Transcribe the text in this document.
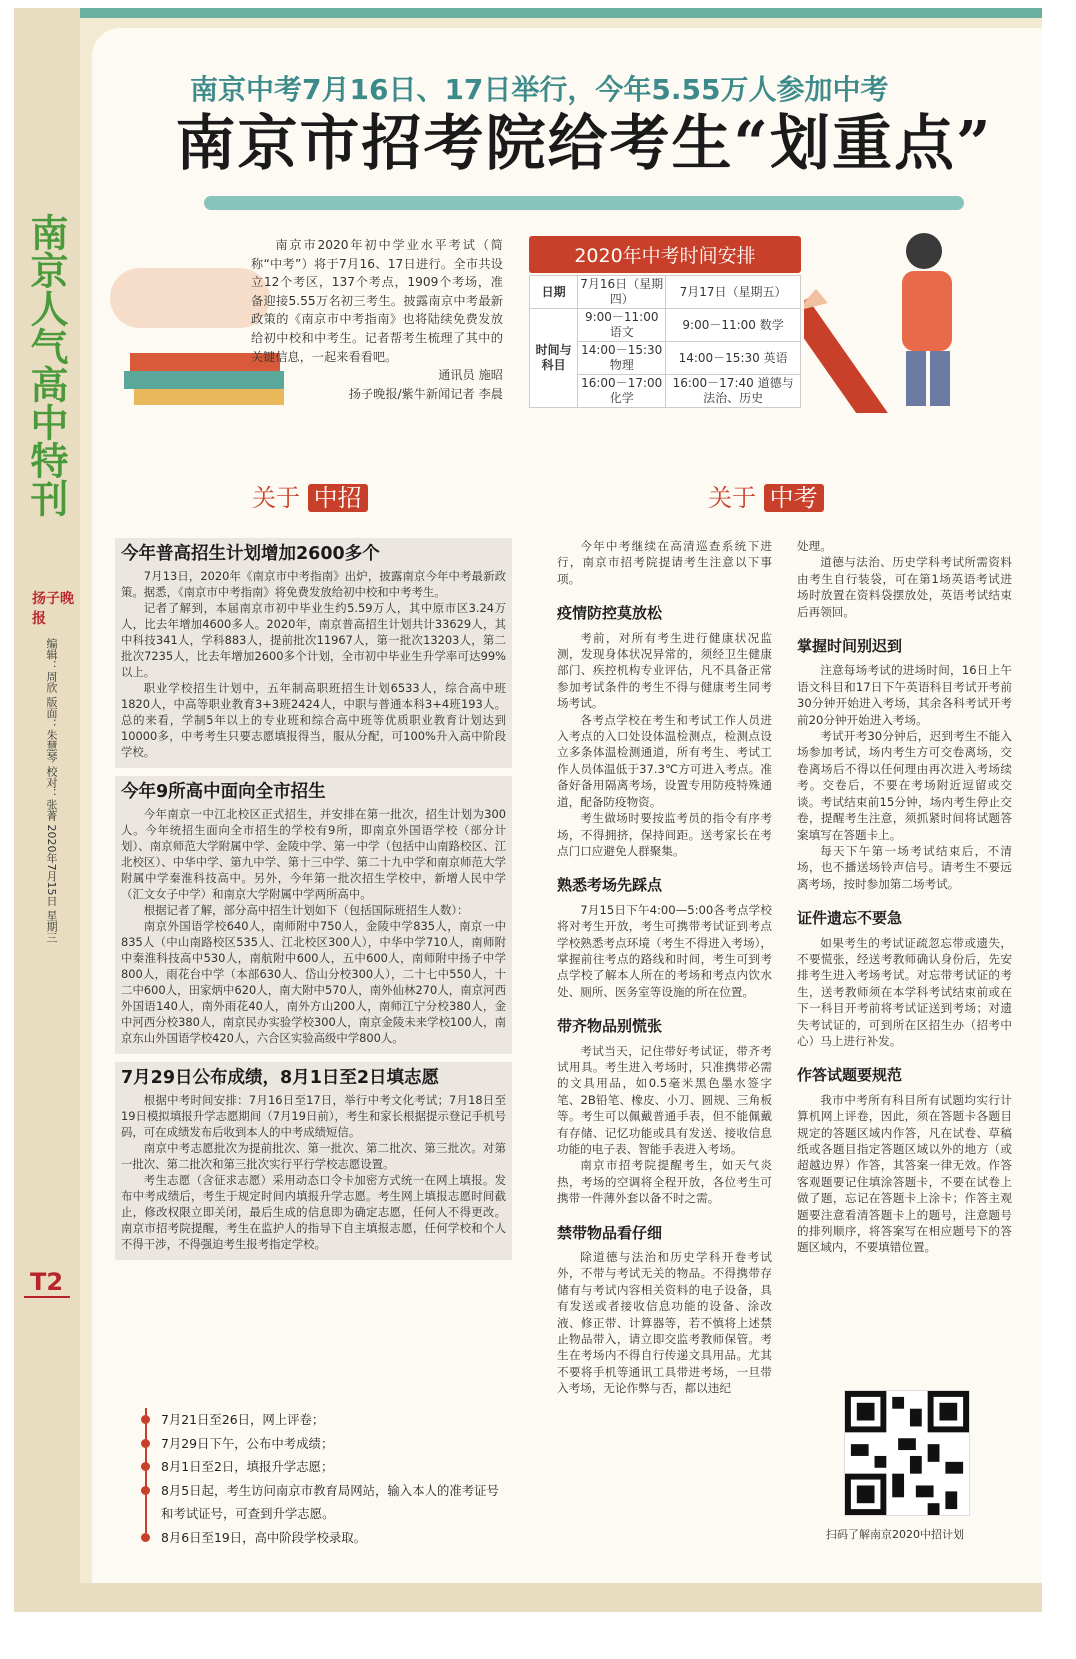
南京人气高中特刊
扬子晚报
编辑：周欣 版面：朱慧琴 校对：张菁 2020年7月15日 星期三
T2
南京中考7月16日、17日举行，今年5.55万人参加中考
南京市招考院给考生“划重点”

南京市2020年初中学业水平考试（简称“中考”）将于7月16、17日进行。全市共设立12个考区，137个考点，1909个考场，准备迎接5.55万名初三考生。披露南京中考最新政策的《南京市中考指南》也将陆续免费发放给初中校和中考生。记者帮考生梳理了其中的关键信息，一起来看看吧。

通讯员 施昭

扬子晚报/紫牛新闻记者 李晨

2020年中考时间安排
日期	7月16日（星期四）	7月17日（星期五）
时间与科目	9:00－11:00 语文	9:00－11:00 数学
	14:00－15:30 物理	14:00－15:30 英语
	16:00－17:00 化学	16:00－17:40 道德与法治、历史
关于 中招	关于 中考
今年普高招生计划增加2600多个

7月13日，2020年《南京市中考指南》出炉，披露南京今年中考最新政策。据悉，《南京市中考指南》将免费发放给初中校和中考考生。

记者了解到，本届南京市初中毕业生约5.59万人，其中原市区3.24万人，比去年增加4600多人。2020年，南京普高招生计划共计33629人，其中科技341人，学科883人，提前批次11967人，第一批次13203人，第二批次7235人，比去年增加2600多个计划，全市初中毕业生升学率可达99%以上。

职业学校招生计划中，五年制高职班招生计划6533人，综合高中班1820人，中高等职业教育3+3班2424人，中职与普通本科3+4班193人。总的来看，学制5年以上的专业班和综合高中班等优质职业教育计划达到10000多，中考考生只要志愿填报得当，服从分配，可100%升入高中阶段学校。

今年9所高中面向全市招生

今年南京一中江北校区正式招生，并安排在第一批次，招生计划为300人。今年统招生面向全市招生的学校有9所，即南京外国语学校（部分计划）、南京师范大学附属中学、金陵中学、第一中学（包括中山南路校区、江北校区）、中华中学、第九中学、第十三中学、第二十九中学和南京师范大学附属中学秦淮科技高中。另外，今年第一批次招生学校中，新增人民中学（汇文女子中学）和南京大学附属中学两所高中。

根据记者了解，部分高中招生计划如下（包括国际班招生人数）：

南京外国语学校640人，南师附中750人，金陵中学835人，南京一中835人（中山南路校区535人、江北校区300人），中华中学710人，南师附中秦淮科技高中530人，南航附中600人，五中600人，南师附中扬子中学800人，雨花台中学（本部630人、岱山分校300人），二十七中550人，十二中600人，田家炳中620人，南大附中570人，南外仙林270人，南京河西外国语140人，南外雨花40人，南外方山200人，南师江宁分校380人，金中河西分校380人，南京民办实验学校300人，南京金陵未来学校100人，南京东山外国语学校420人，六合区实验高级中学800人。

7月29日公布成绩，8月1日至2日填志愿

根据中考时间安排：7月16日至17日，举行中考文化考试；7月18日至19日模拟填报升学志愿期间（7月19日前），考生和家长根据提示登记手机号码，可在成绩发布后收到本人的中考成绩短信。

南京中考志愿批次为提前批次、第一批次、第二批次、第三批次。对第一批次、第二批次和第三批次实行平行学校志愿设置。

考生志愿（含征求志愿）采用动态口令卡加密方式统一在网上填报。发布中考成绩后，考生于规定时间内填报升学志愿。考生网上填报志愿时间截止，修改权限立即关闭，最后生成的信息即为确定志愿，任何人不得更改。南京市招考院提醒，考生在监护人的指导下自主填报志愿，任何学校和个人不得干涉，不得强迫考生报考指定学校。

7月21日至26日，网上评卷；
7月29日下午，公布中考成绩；
8月1日至2日，填报升学志愿；
8月5日起，考生访问南京市教育局网站，输入本人的准考证号和考试证号，可查到升学志愿。
8月6日至19日，高中阶段学校录取。

今年中考继续在高清巡查系统下进行，南京市招考院提请考生注意以下事项。

疫情防控莫放松

考前，对所有考生进行健康状况监测，发现身体状况异常的，须经卫生健康部门、疾控机构专业评估，凡不具备正常参加考试条件的考生不得与健康考生同考场考试。

各考点学校在考生和考试工作人员进入考点的入口处设体温检测点，检测点设立多条体温检测通道，所有考生、考试工作人员体温低于37.3℃方可进入考点。准备好备用隔离考场，设置专用防疫特殊通道，配备防疫物资。

考生做场时要按监考员的指令有序考场，不得拥挤，保持间距。送考家长在考点门口应避免人群聚集。

熟悉考场先踩点

7月15日下午4:00—5:00各考点学校将对考生开放，考生可携带考试证到考点学校熟悉考点环境（考生不得进入考场），掌握前往考点的路线和时间，考生可到考点学校了解本人所在的考场和考点内饮水处、厕所、医务室等设施的所在位置。

带齐物品别慌张

考试当天，记住带好考试证，带齐考试用具。考生进入考场时，只准携带必需的文具用品，如0.5毫米黑色墨水签字笔、2B铅笔、橡皮、小刀、圆规、三角板等。考生可以佩戴普通手表，但不能佩戴有存储、记忆功能或具有发送、接收信息功能的电子表、智能手表进入考场。

南京市招考院提醒考生，如天气炎热，考场的空调将全程开放，各位考生可携带一件薄外套以备不时之需。

禁带物品看仔细

除道德与法治和历史学科开卷考试外，不带与考试无关的物品。不得携带存储有与考试内容相关资料的电子设备，具有发送或者接收信息功能的设备、涂改液、修正带、计算器等，若不慎将上述禁止物品带入，请立即交监考教师保管。考生在考场内不得自行传递文具用品。尤其不要将手机等通讯工具带进考场，一旦带入考场，无论作弊与否，都以违纪

处理。

道德与法治、历史学科考试所需资料由考生自行装袋，可在第1场英语考试进场时放置在资料袋摆放处，英语考试结束后再领回。

掌握时间别迟到

注意每场考试的进场时间，16日上午语文科目和17日下午英语科目考试开考前30分钟开始进入考场，其余各科考试开考前20分钟开始进入考场。

考试开考30分钟后，迟到考生不能入场参加考试，场内考生方可交卷离场，交卷离场后不得以任何理由再次进入考场续考。交卷后，不要在考场附近逗留或交谈。考试结束前15分钟，场内考生停止交卷，提醒考生注意，须抓紧时间将试题答案填写在答题卡上。

每天下午第一场考试结束后，不清场，也不播送场铃声信号。请考生不要远离考场，按时参加第二场考试。

证件遗忘不要急

如果考生的考试证疏忽忘带或遗失，不要慌张，经送考教师确认身份后，先安排考生进入考场考试。对忘带考试证的考生，送考教师须在本学科考试结束前或在下一科目开考前将考试证送到考场；对遗失考试证的，可到所在区招生办（招考中心）马上进行补发。

作答试题要规范

我市中考所有科目所有试题均实行计算机网上评卷，因此，须在答题卡各题目规定的答题区域内作答，凡在试卷、草稿纸或各题目指定答题区域以外的地方（或超越边界）作答，其答案一律无效。作答客观题要记住填涂答题卡，不要在试卷上做了题，忘记在答题卡上涂卡；作答主观题要注意看清答题卡上的题号，注意题号的排列顺序，将答案写在相应题号下的答题区域内，不要填错位置。

扫码了解南京2020中招计划
